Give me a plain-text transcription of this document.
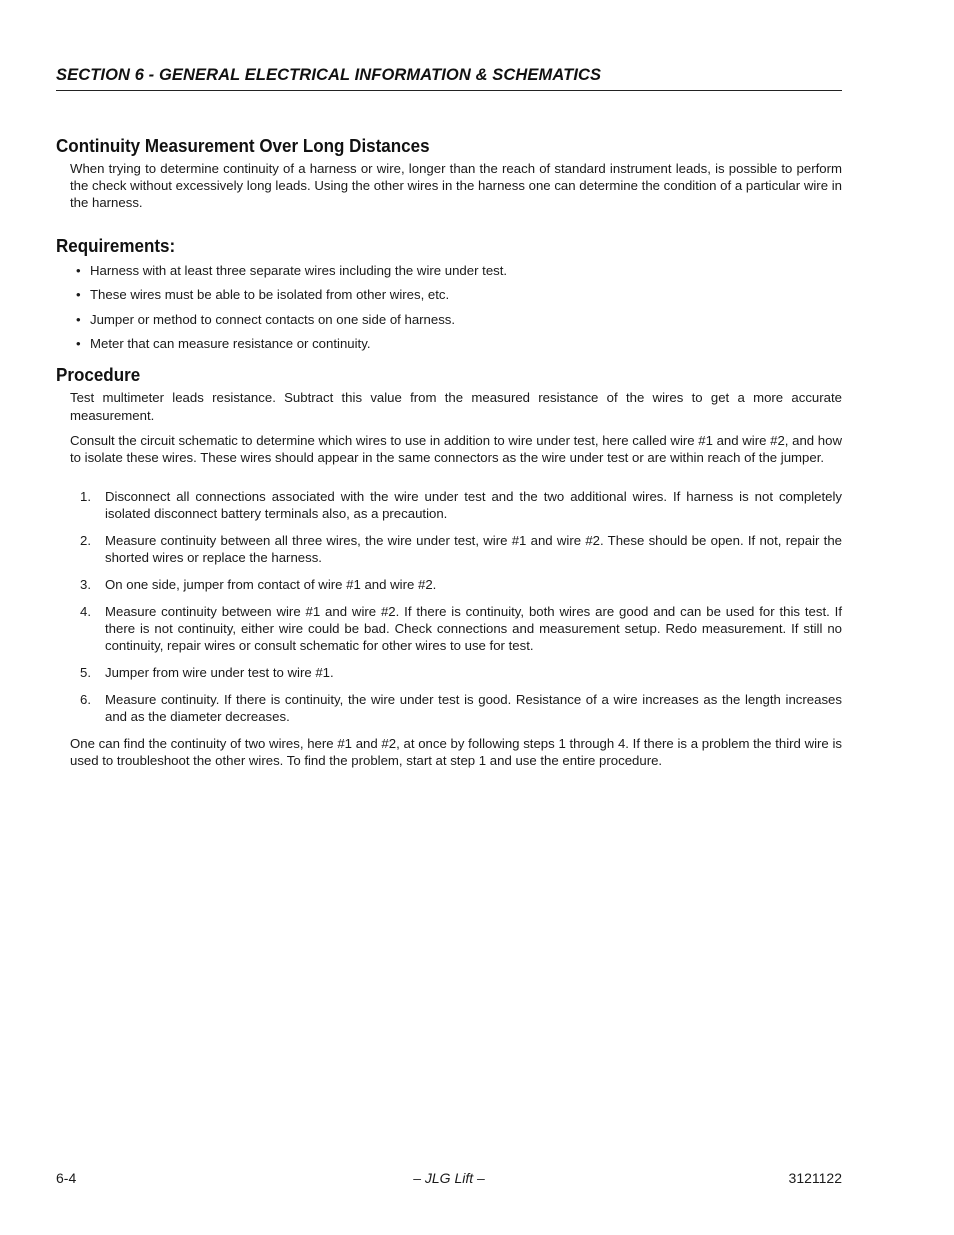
SECTION 6 - GENERAL ELECTRICAL INFORMATION & SCHEMATICS
Continuity Measurement Over Long Distances

When trying to determine continuity of a harness or wire, longer than the reach of standard instrument leads, is possible to perform the check without excessively long leads. Using the other wires in the harness one can determine the condition of a particular wire in the harness.

Requirements:
• Harness with at least three separate wires including the wire under test.
• These wires must be able to be isolated from other wires, etc.
• Jumper or method to connect contacts on one side of harness.
• Meter that can measure resistance or continuity.
Procedure

Test multimeter leads resistance. Subtract this value from the measured resistance of the wires to get a more accurate measurement.

Consult the circuit schematic to determine which wires to use in addition to wire under test, here called wire #1 and wire #2, and how to isolate these wires. These wires should appear in the same connectors as the wire under test or are within reach of the jumper.

1. Disconnect all connections associated with the wire under test and the two additional wires. If harness is not completely isolated disconnect battery terminals also, as a precaution.
2. Measure continuity between all three wires, the wire under test, wire #1 and wire #2. These should be open. If not, repair the shorted wires or replace the harness.
3. On one side, jumper from contact of wire #1 and wire #2.
4. Measure continuity between wire #1 and wire #2. If there is continuity, both wires are good and can be used for this test. If there is not continuity, either wire could be bad. Check connections and measurement setup. Redo measurement. If still no continuity, repair wires or consult schematic for other wires to use for test.
5. Jumper from wire under test to wire #1.
6. Measure continuity. If there is continuity, the wire under test is good. Resistance of a wire increases as the length increases and as the diameter decreases.

One can find the continuity of two wires, here #1 and #2, at once by following steps 1 through 4. If there is a problem the third wire is used to troubleshoot the other wires. To find the problem, start at step 1 and use the entire procedure.

6-4	– JLG Lift –	3121122
